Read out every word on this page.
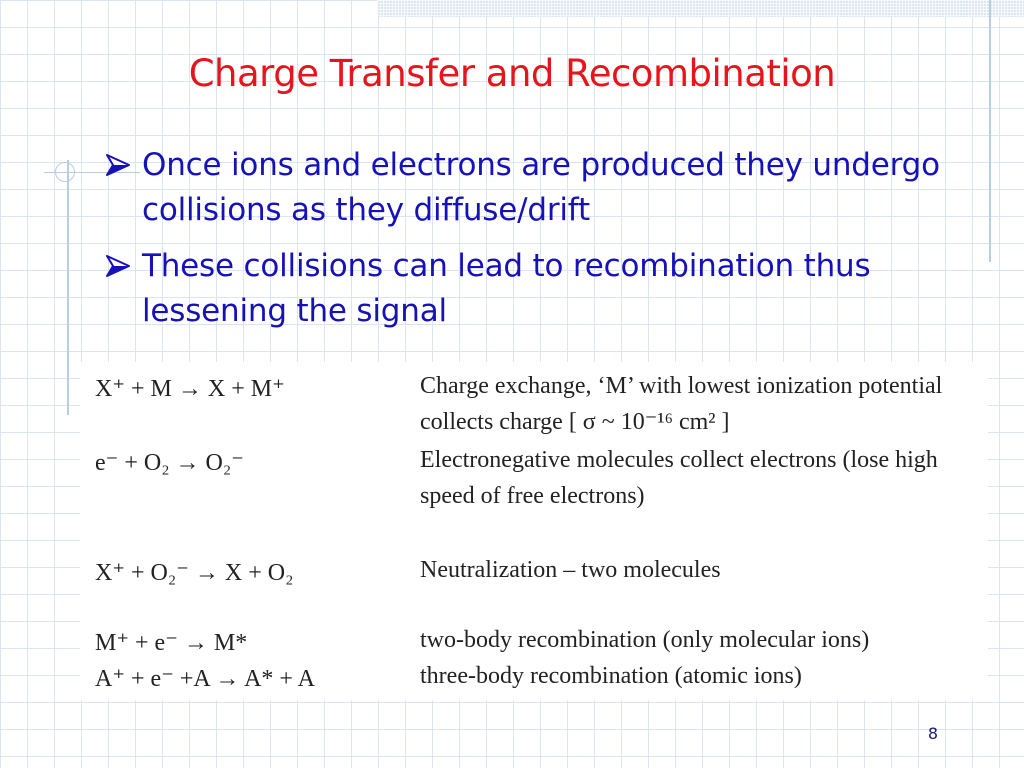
Charge Transfer and Recombination
Once ions and electrons are produced they undergo collisions as they diffuse/drift
These collisions can lead to recombination thus lessening the signal
X⁺ + M → X + M⁺	Charge exchange, ‘M’ with lowest ionization potential collects charge [ σ ~ 10⁻¹⁶ cm² ]
e⁻ + O₂ → O₂⁻	Electronegative molecules collect electrons (lose high speed of free electrons)
X⁺ + O₂⁻ → X + O₂	Neutralization – two molecules
M⁺ + e⁻ → M*	two-body recombination (only molecular ions)
A⁺ + e⁻ +A → A* + A	three-body recombination (atomic ions)
8
